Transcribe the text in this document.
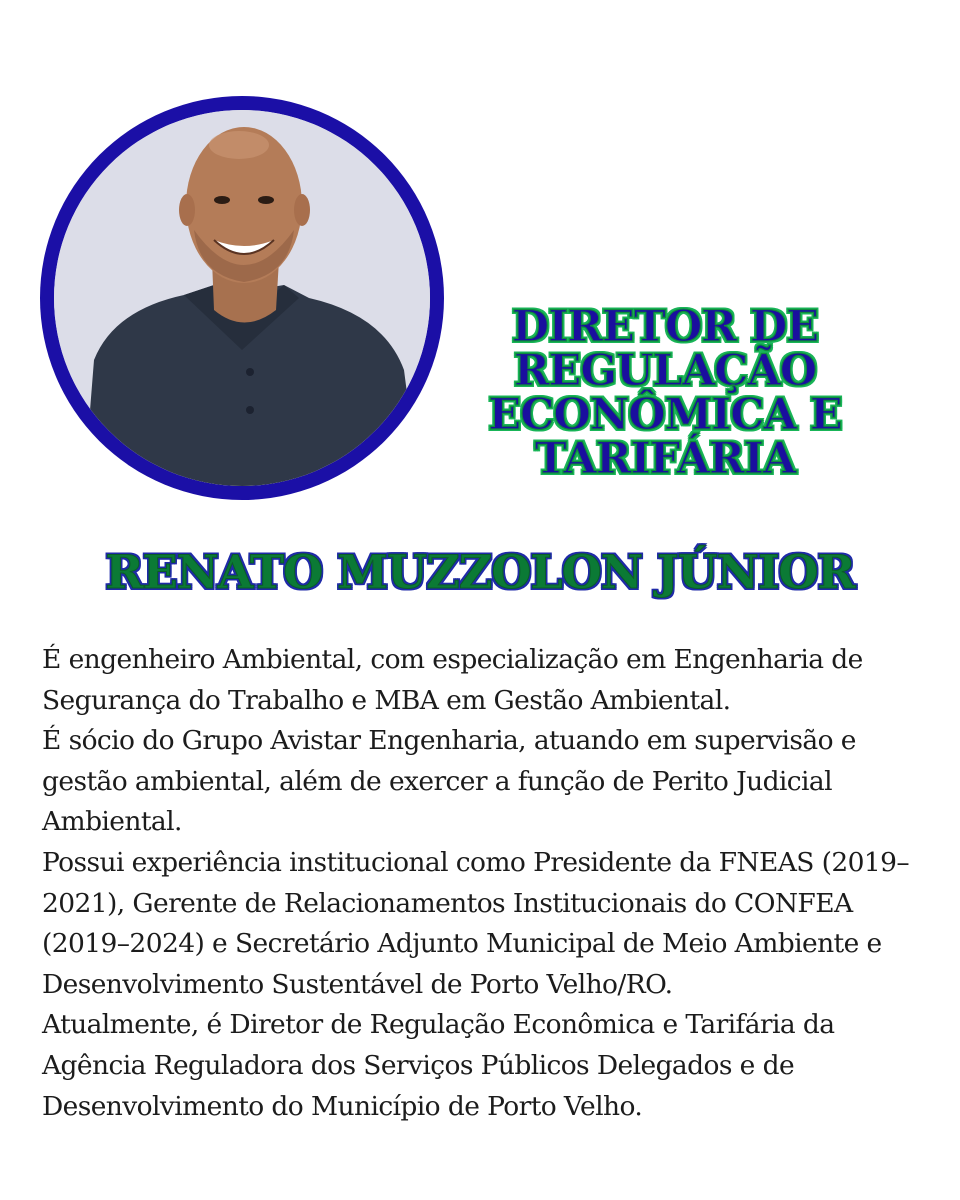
DIRETOR DE REGULAÇÃO ECONÔMICA E TARIFÁRIA
RENATO MUZZOLON JÚNIOR

É engenheiro Ambiental, com especialização em Engenharia de Segurança do Trabalho e MBA em Gestão Ambiental.

É sócio do Grupo Avistar Engenharia, atuando em supervisão e gestão ambiental, além de exercer a função de Perito Judicial Ambiental.

Possui experiência institucional como Presidente da FNEAS (2019–2021), Gerente de Relacionamentos Institucionais do CONFEA (2019–2024) e Secretário Adjunto Municipal de Meio Ambiente e Desenvolvimento Sustentável de Porto Velho/RO.

Atualmente, é Diretor de Regulação Econômica e Tarifária da Agência Reguladora dos Serviços Públicos Delegados e de Desenvolvimento do Município de Porto Velho.
